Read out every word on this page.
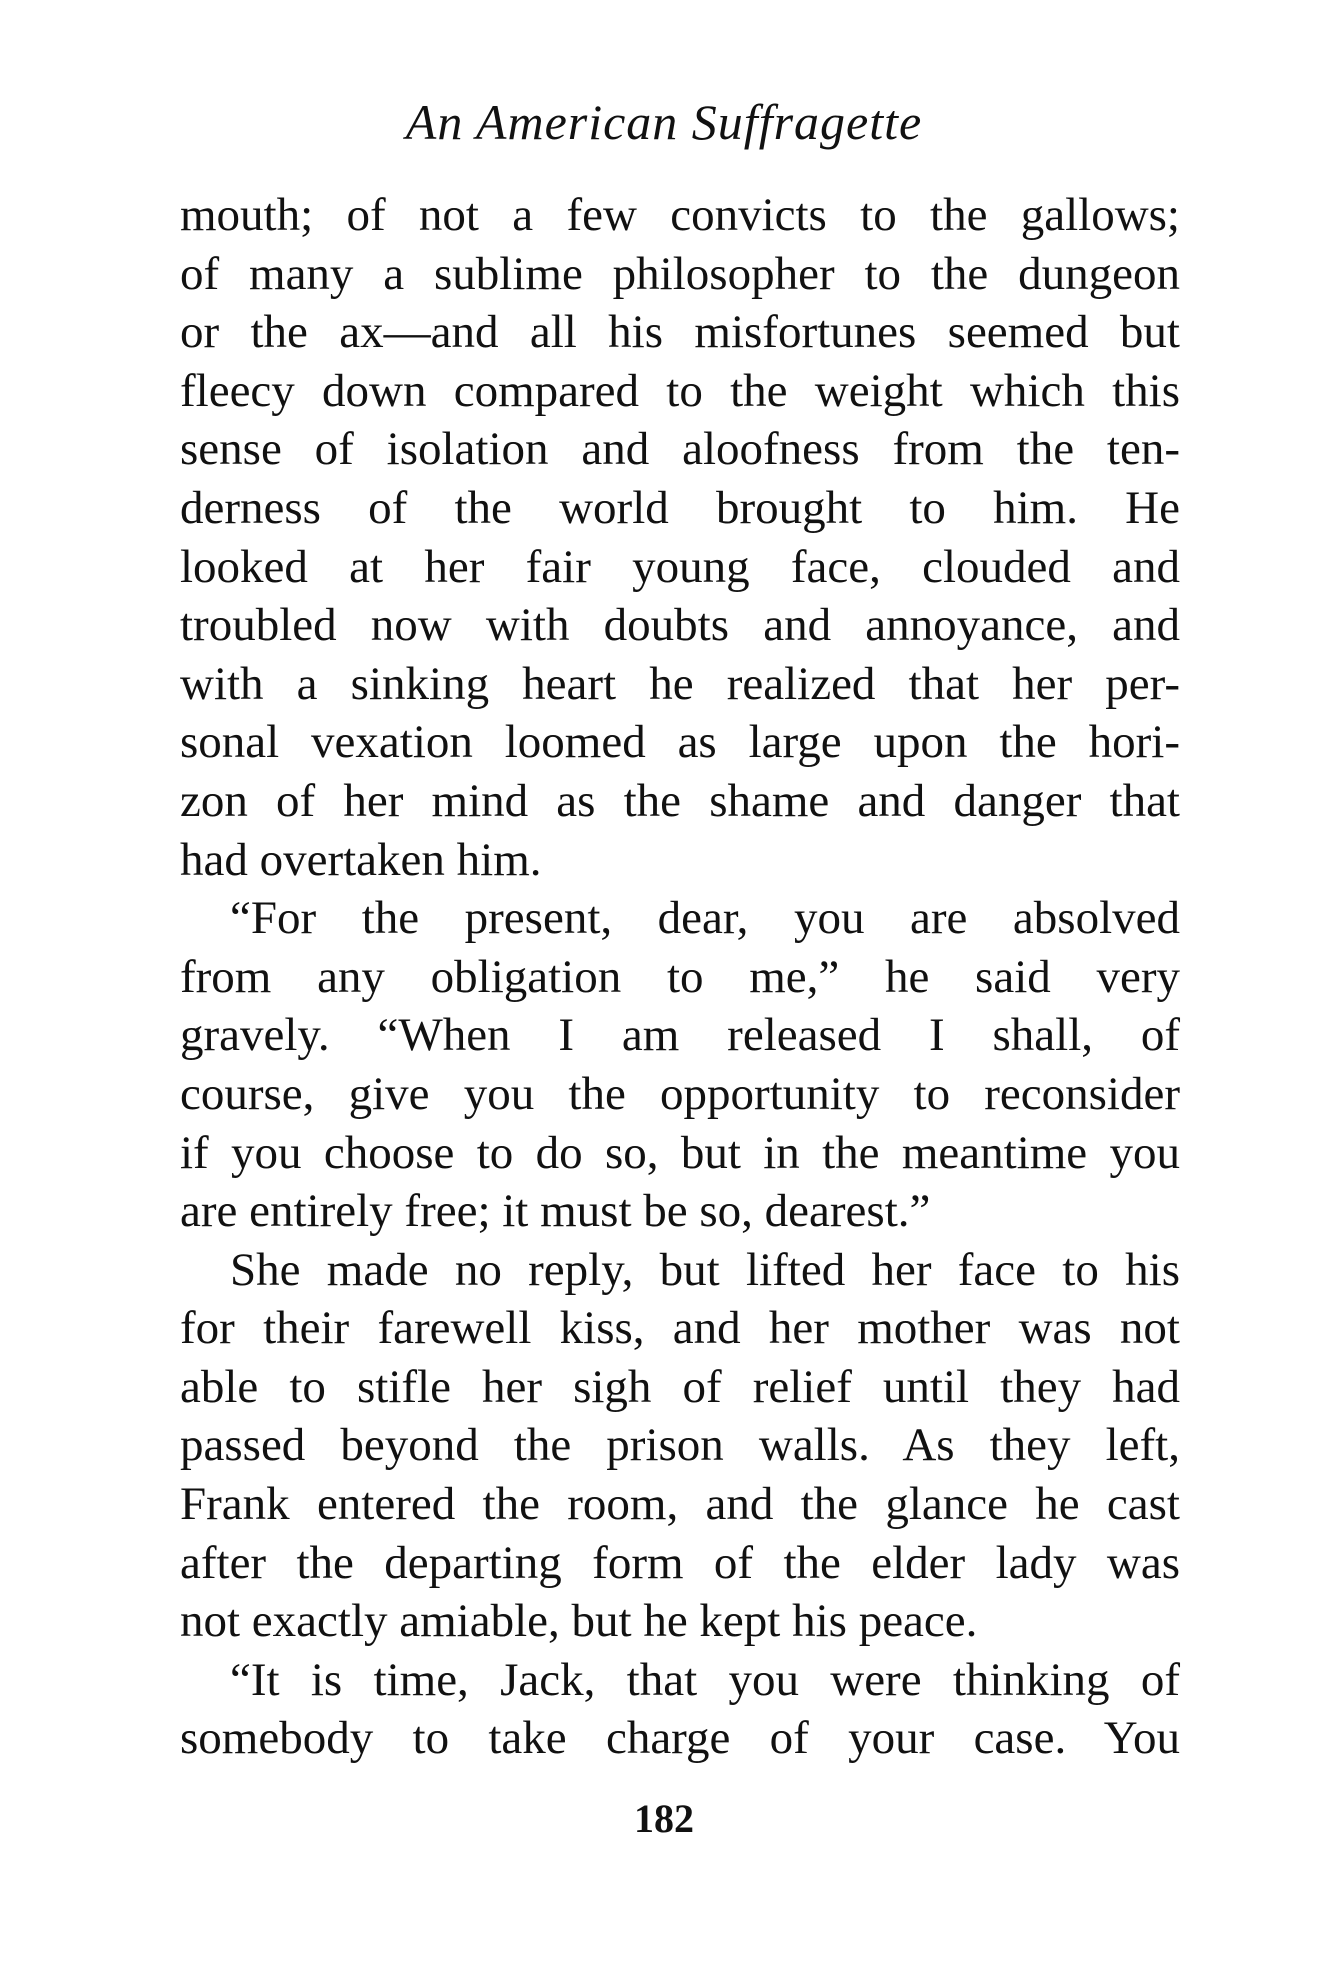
An American Suffragette
mouth; of not a few convicts to the gallows;
of many a sublime philosopher to the dungeon
or the ax—and all his misfortunes seemed but
fleecy down compared to the weight which this
sense of isolation and aloofness from the ten-
derness of the world brought to him. He
looked at her fair young face, clouded and
troubled now with doubts and annoyance, and
with a sinking heart he realized that her per-
sonal vexation loomed as large upon the hori-
zon of her mind as the shame and danger that
had overtaken him.
“For the present, dear, you are absolved
from any obligation to me,” he said very
gravely. “When I am released I shall, of
course, give you the opportunity to reconsider
if you choose to do so, but in the meantime you
are entirely free; it must be so, dearest.”
She made no reply, but lifted her face to his
for their farewell kiss, and her mother was not
able to stifle her sigh of relief until they had
passed beyond the prison walls. As they left,
Frank entered the room, and the glance he cast
after the departing form of the elder lady was
not exactly amiable, but he kept his peace.
“It is time, Jack, that you were thinking of
somebody to take charge of your case. You
182
